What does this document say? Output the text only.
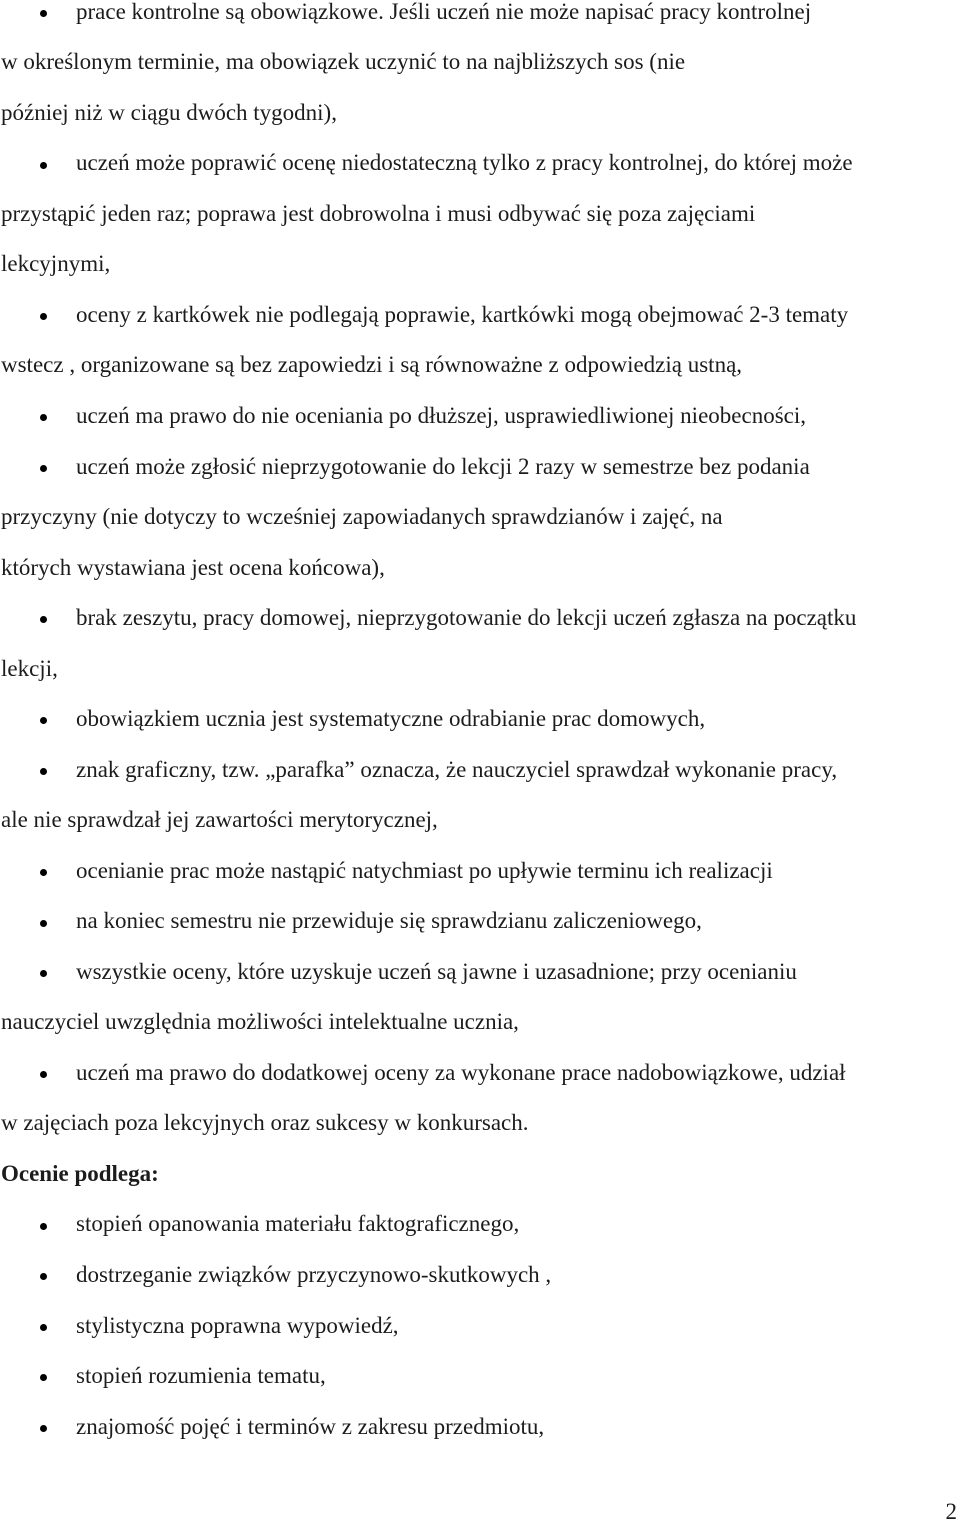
prace kontrolne są obowiązkowe. Jeśli uczeń nie może napisać pracy kontrolnej
w określonym terminie, ma obowiązek uczynić to na najbliższych sos (nie
później niż w ciągu dwóch tygodni),
uczeń może poprawić ocenę niedostateczną tylko z pracy kontrolnej, do której może
przystąpić jeden raz; poprawa jest dobrowolna i musi odbywać się poza zajęciami
lekcyjnymi,
oceny z kartkówek nie podlegają poprawie, kartkówki mogą obejmować 2-3 tematy
wstecz , organizowane są bez zapowiedzi i są równoważne z odpowiedzią ustną,
uczeń ma prawo do nie oceniania po dłuższej, usprawiedliwionej nieobecności,
uczeń może zgłosić nieprzygotowanie do lekcji 2 razy w semestrze bez podania
przyczyny (nie dotyczy to wcześniej zapowiadanych sprawdzianów i zajęć, na
których wystawiana jest ocena końcowa),
brak zeszytu, pracy domowej, nieprzygotowanie do lekcji uczeń zgłasza na początku
lekcji,
obowiązkiem ucznia jest systematyczne odrabianie prac domowych,
znak graficzny, tzw. „parafka” oznacza, że nauczyciel sprawdzał wykonanie pracy,
ale nie sprawdzał jej zawartości merytorycznej,
ocenianie prac może nastąpić natychmiast po upływie terminu ich realizacji
na koniec semestru nie przewiduje się sprawdzianu zaliczeniowego,
wszystkie oceny, które uzyskuje uczeń są jawne i uzasadnione; przy ocenianiu
nauczyciel uwzględnia możliwości intelektualne ucznia,
uczeń ma prawo do dodatkowej oceny za wykonane prace nadobowiązkowe, udział
w zajęciach poza lekcyjnych oraz sukcesy w konkursach.
Ocenie podlega:
stopień opanowania materiału faktograficznego,
dostrzeganie związków przyczynowo-skutkowych ,
stylistyczna poprawna wypowiedź,
stopień rozumienia tematu,
znajomość pojęć i terminów z zakresu przedmiotu,
2
